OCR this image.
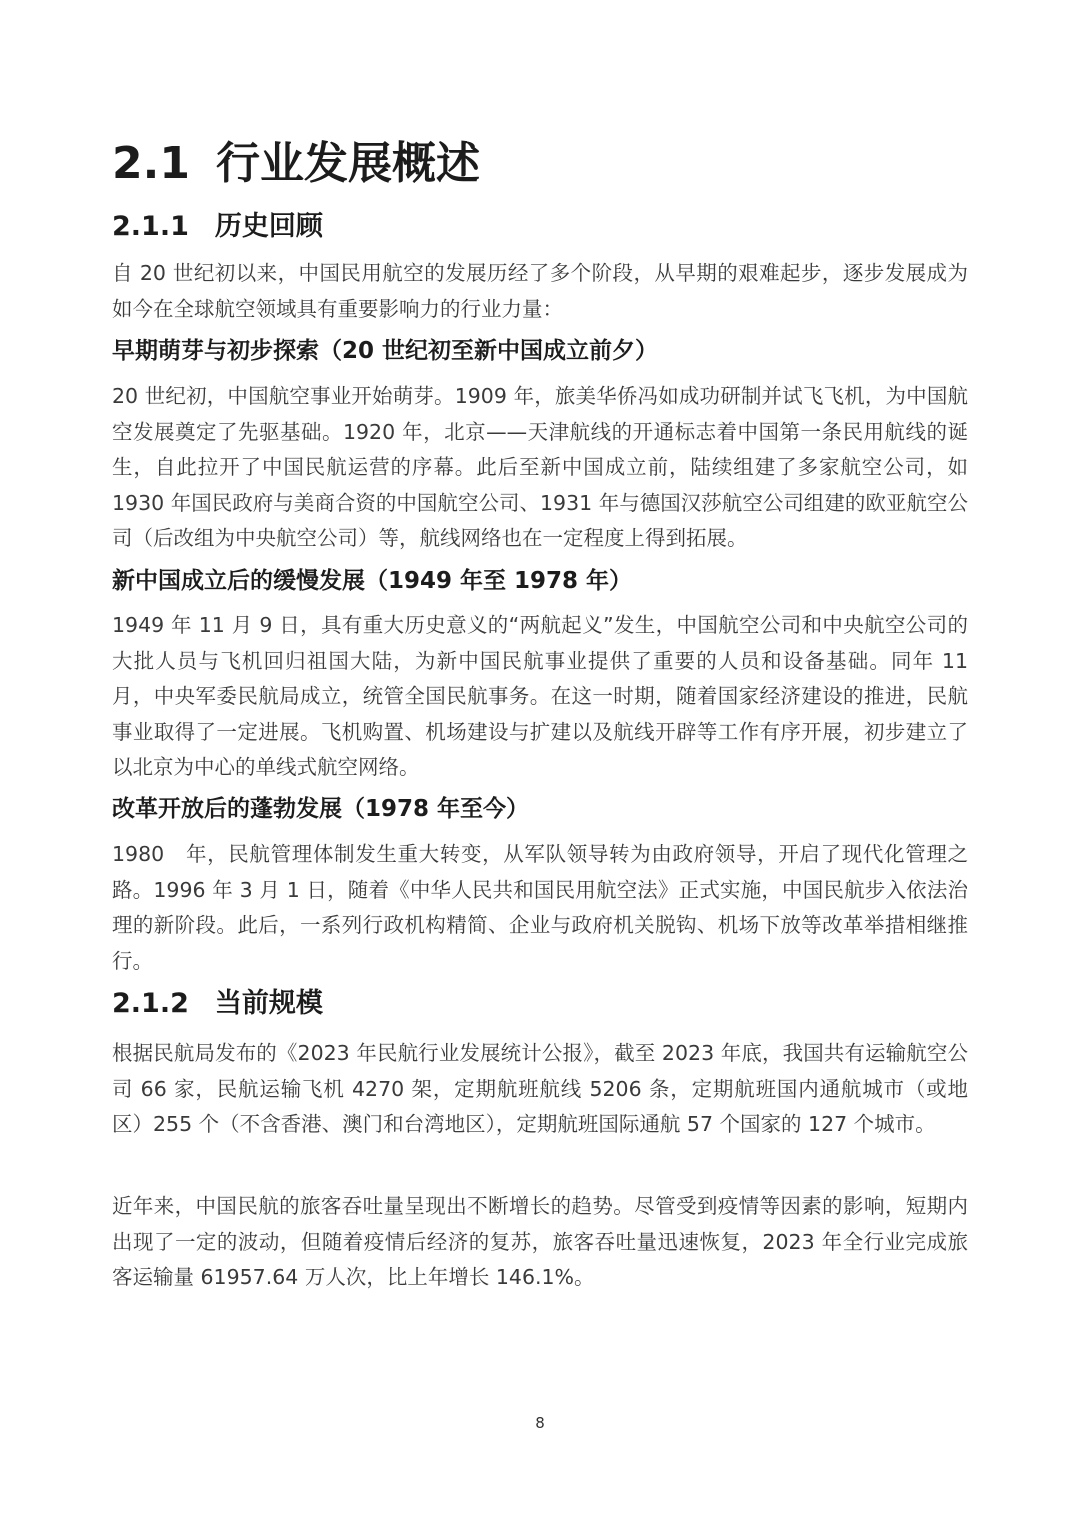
2.1 行业发展概述
2.1.1 历史回顾

自 20 世纪初以来，中国民用航空的发展历经了多个阶段，从早期的艰难起步，逐步发展成为如今在全球航空领域具有重要影响力的行业力量：

早期萌芽与初步探索（20 世纪初至新中国成立前夕）

20 世纪初，中国航空事业开始萌芽。1909 年，旅美华侨冯如成功研制并试飞飞机，为中国航空发展奠定了先驱基础。1920 年，北京——天津航线的开通标志着中国第一条民用航线的诞生，自此拉开了中国民航运营的序幕。此后至新中国成立前，陆续组建了多家航空公司，如 1930 年国民政府与美商合资的中国航空公司、1931 年与德国汉莎航空公司组建的欧亚航空公司（后改组为中央航空公司）等，航线网络也在一定程度上得到拓展。

新中国成立后的缓慢发展（1949 年至 1978 年）

1949 年 11 月 9 日，具有重大历史意义的“两航起义”发生，中国航空公司和中央航空公司的大批人员与飞机回归祖国大陆，为新中国民航事业提供了重要的人员和设备基础。同年 11 月，中央军委民航局成立，统管全国民航事务。在这一时期，随着国家经济建设的推进，民航事业取得了一定进展。飞机购置、机场建设与扩建以及航线开辟等工作有序开展，初步建立了以北京为中心的单线式航空网络。

改革开放后的蓬勃发展（1978 年至今）

1980　年，民航管理体制发生重大转变，从军队领导转为由政府领导，开启了现代化管理之路。1996 年 3 月 1 日，随着《中华人民共和国民用航空法》正式实施，中国民航步入依法治理的新阶段。此后，一系列行政机构精简、企业与政府机关脱钩、机场下放等改革举措相继推行。

2.1.2 当前规模

根据民航局发布的《2023 年民航行业发展统计公报》，截至 2023 年底，我国共有运输航空公司 66 家，民航运输飞机 4270 架，定期航班航线 5206 条，定期航班国内通航城市（或地区）255 个（不含香港、澳门和台湾地区），定期航班国际通航 57 个国家的 127 个城市。

近年来，中国民航的旅客吞吐量呈现出不断增长的趋势。尽管受到疫情等因素的影响，短期内出现了一定的波动，但随着疫情后经济的复苏，旅客吞吐量迅速恢复，2023 年全行业完成旅客运输量 61957.64 万人次，比上年增长 146.1%。

8
